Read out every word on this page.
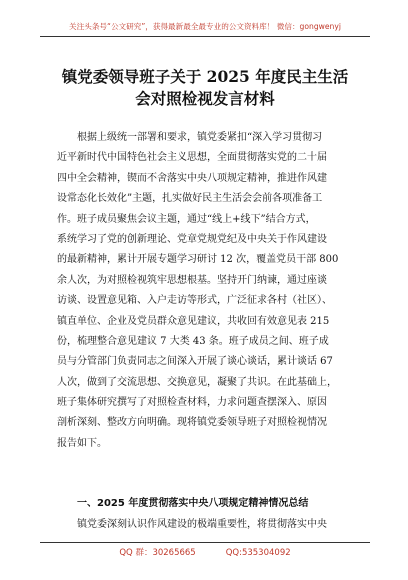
关注头条号“公文研究”，获得最新最全最专业的公文资料库！ 微信：gongwenyj
镇党委领导班子关于 2025 年度民主生活
会对照检视发言材料
根据上级统一部署和要求，镇党委紧扣“深入学习贯彻习
近平新时代中国特色社会主义思想，全面贯彻落实党的二十届
四中全会精神，锲而不舍落实中央八项规定精神，推进作风建
设常态化长效化”主题，扎实做好民主生活会会前各项准备工
作。班子成员聚焦会议主题，通过“线上+线下”结合方式，
系统学习了党的创新理论、党章党规党纪及中央关于作风建设
的最新精神，累计开展专题学习研讨 12 次，覆盖党员干部 800
余人次，为对照检视筑牢思想根基。坚持开门纳谏，通过座谈
访谈、设置意见箱、入户走访等形式，广泛征求各村（社区）、
镇直单位、企业及党员群众意见建议，共收回有效意见表 215
份，梳理整合意见建议 7 大类 43 条。班子成员之间、班子成
员与分管部门负责同志之间深入开展了谈心谈话，累计谈话 67
人次，做到了交流思想、交换意见，凝聚了共识。在此基础上，
班子集体研究撰写了对照检查材料，力求问题查摆深入、原因
剖析深刻、整改方向明确。现将镇党委领导班子对照检视情况
报告如下。
一、2025 年度贯彻落实中央八项规定精神情况总结
镇党委深刻认识作风建设的极端重要性，将贯彻落实中央
QQ 群：30265665	QQ:535304092
